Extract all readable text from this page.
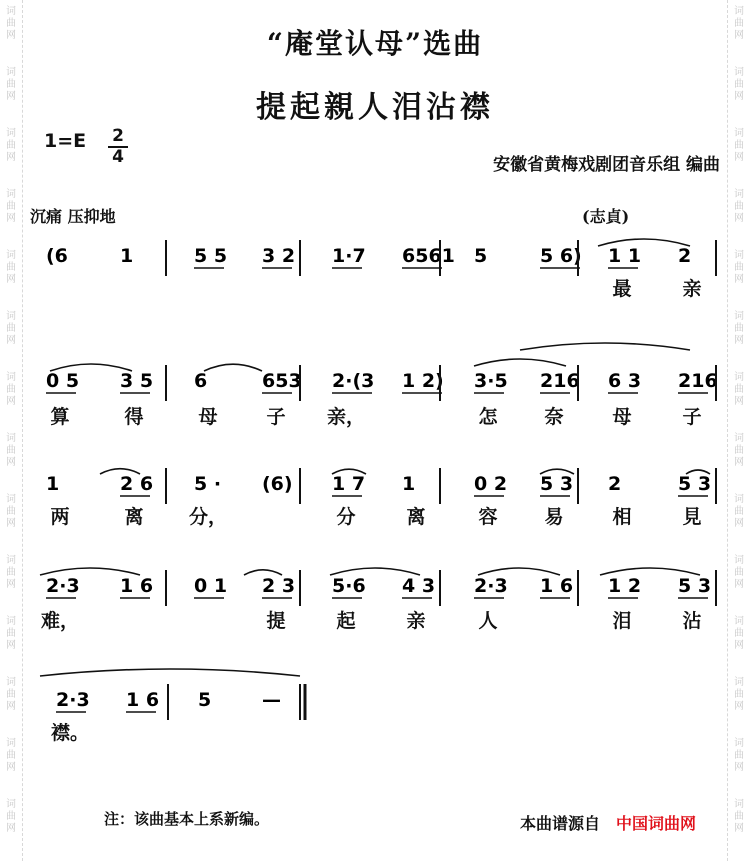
“庵堂认母”选曲
提起親人泪沾襟
1=E 2
4	安徽省黄梅戏剧团音乐组 编曲
沉痛 压抑地	(志貞)
(6	1	5 5 3 2 1·7 6561 5	5 6) 1 1 2
0 5 3 5 6	653 2·(3 1 2) 3·5 216 6 3 216
1	2 6 5 · (6) 1 7 1	0 2 5 3 2	5 3
2·3 1 6 0 1 2 3 5·6 4 3 2·3 1 6 1 2 5 3
2·3 1 6 5	—
最	亲
算	得	母	子 亲，	怎 奈	母	子
两	离 分，	分	离	容 易	相	見
难，	提	起	亲	人	泪	沾
襟。
词
曲
网
词
曲
网
词
曲
网
词
曲
网
词
曲
网
词
曲
网
词
曲
网
词
曲
网
词
曲
网
词
曲
网
词
曲
网
词
曲
网
词
曲
网
词
曲
网
词
曲
网
词
曲
网
词
曲
网
词
曲
网
词
曲
网
词
曲
网
词
曲
网
词
曲
网
词
曲
网
词
曲
网
词
曲
网
词
曲
网
词
曲
网
词
曲
网
注：该曲基本上系新编。	本曲谱源自 中国词曲网
